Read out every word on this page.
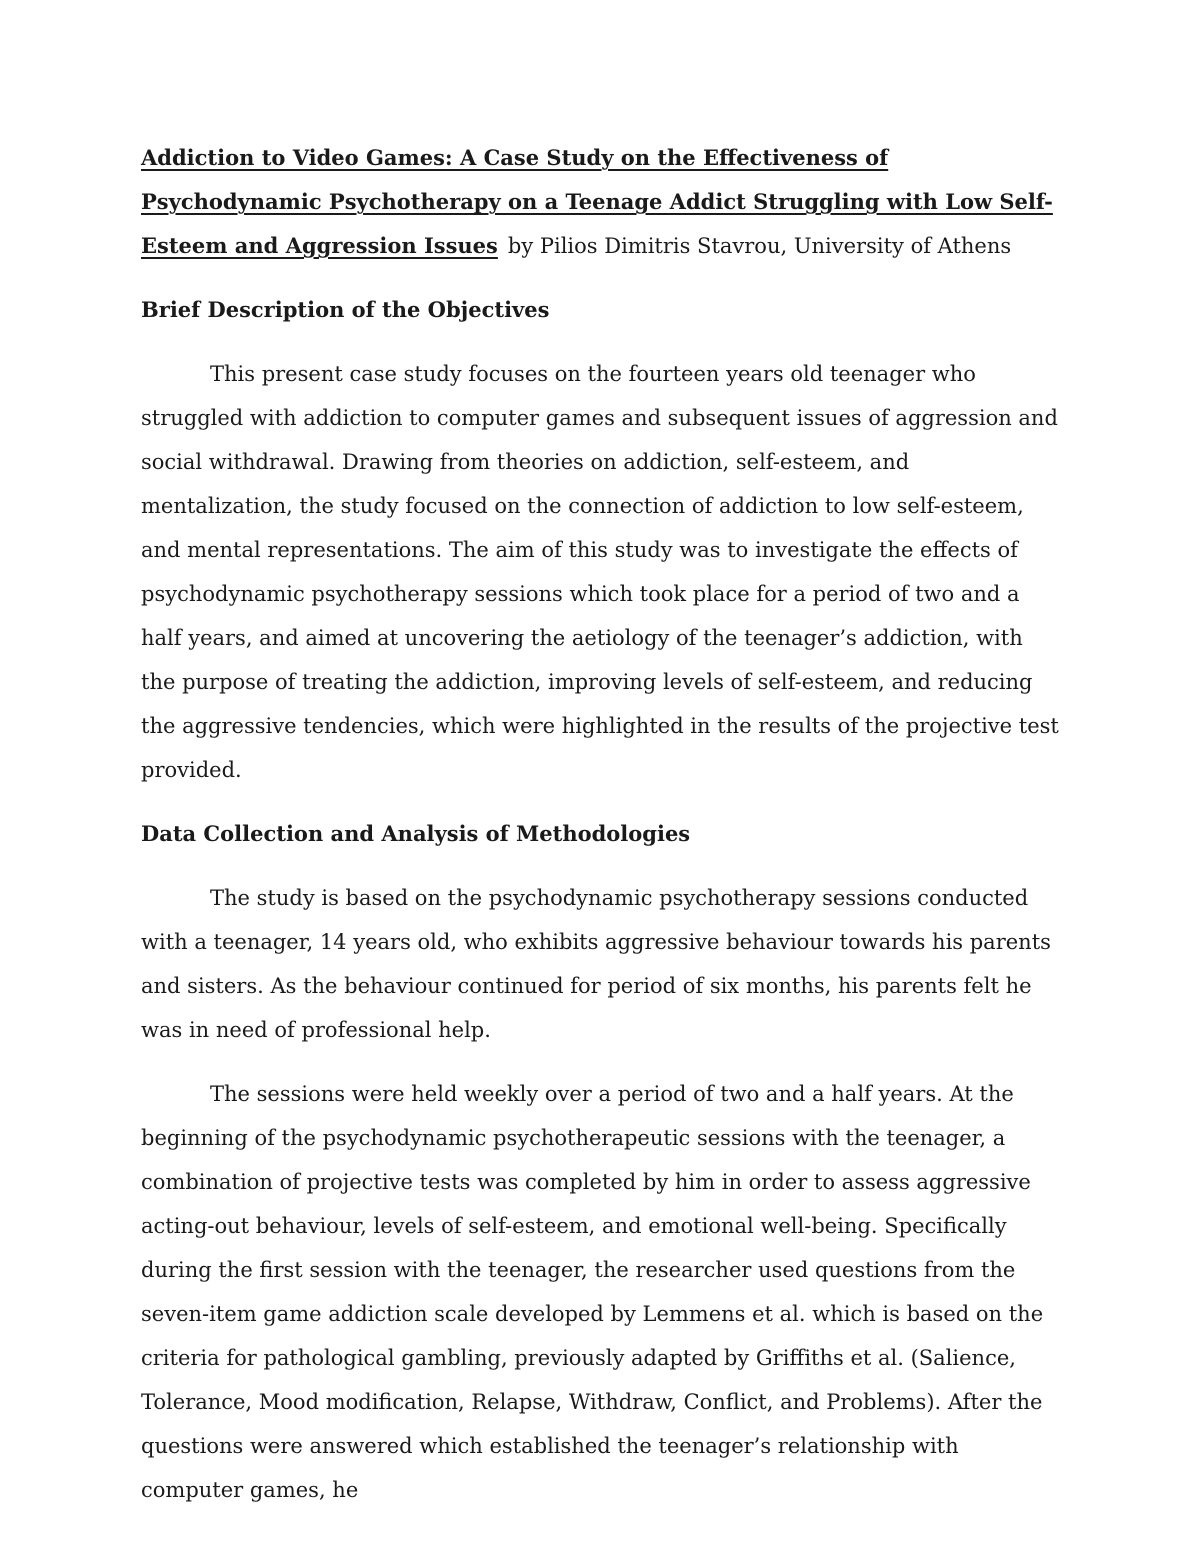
Addiction to Video Games: A Case Study on the Effectiveness of Psychodynamic Psychotherapy on a Teenage Addict Struggling with Low Self-Esteem and Aggression Issues by Pilios Dimitris Stavrou, University of Athens
Brief Description of the Objectives

This present case study focuses on the fourteen years old teenager who struggled with addiction to computer games and subsequent issues of aggression and social withdrawal. Drawing from theories on addiction, self-esteem, and mentalization, the study focused on the connection of addiction to low self-esteem, and mental representations. The aim of this study was to investigate the effects of psychodynamic psychotherapy sessions which took place for a period of two and a half years, and aimed at uncovering the aetiology of the teenager’s addiction, with the purpose of treating the addiction, improving levels of self-esteem, and reducing the aggressive tendencies, which were highlighted in the results of the projective test provided.

Data Collection and Analysis of Methodologies

The study is based on the psychodynamic psychotherapy sessions conducted with a teenager, 14 years old, who exhibits aggressive behaviour towards his parents and sisters. As the behaviour continued for period of six months, his parents felt he was in need of professional help.

The sessions were held weekly over a period of two and a half years. At the beginning of the psychodynamic psychotherapeutic sessions with the teenager, a combination of projective tests was completed by him in order to assess aggressive acting-out behaviour, levels of self-esteem, and emotional well-being. Specifically during the first session with the teenager, the researcher used questions from the seven-item game addiction scale developed by Lemmens et al. which is based on the criteria for pathological gambling, previously adapted by Griffiths et al. (Salience, Tolerance, Mood modification, Relapse, Withdraw, Conflict, and Problems). After the questions were answered which established the teenager’s relationship with computer games, he
